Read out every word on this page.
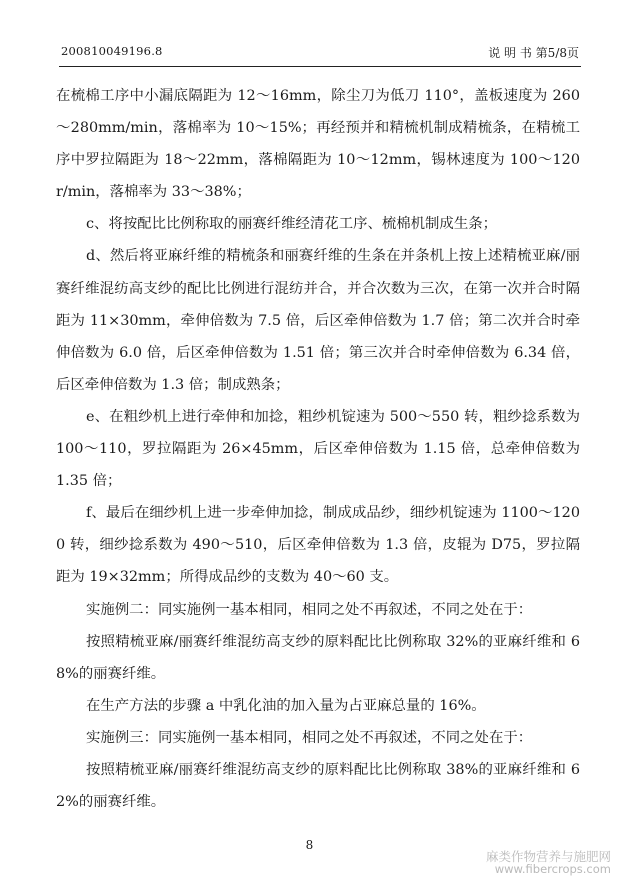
200810049196.8	说 明 书 第5/8页

在梳棉工序中小漏底隔距为 12～16mm，除尘刀为低刀 110°，盖板速度为 260～280mm/min，落棉率为 10～15%；再经预并和精梳机制成精梳条，在精梳工序中罗拉隔距为 18～22mm，落棉隔距为 10～12mm，锡林速度为 100～120r/min，落棉率为 33～38%；

c、将按配比比例称取的丽赛纤维经清花工序、梳棉机制成生条；

d、然后将亚麻纤维的精梳条和丽赛纤维的生条在并条机上按上述精梳亚麻/丽赛纤维混纺高支纱的配比比例进行混纺并合，并合次数为三次，在第一次并合时隔距为 11×30mm，牵伸倍数为 7.5 倍，后区牵伸倍数为 1.7 倍；第二次并合时牵伸倍数为 6.0 倍，后区牵伸倍数为 1.51 倍；第三次并合时牵伸倍数为 6.34 倍，后区牵伸倍数为 1.3 倍；制成熟条；

e、在粗纱机上进行牵伸和加捻，粗纱机锭速为 500～550 转，粗纱捻系数为 100～110，罗拉隔距为 26×45mm，后区牵伸倍数为 1.15 倍，总牵伸倍数为 1.35 倍；

f、最后在细纱机上进一步牵伸加捻，制成成品纱，细纱机锭速为 1100～1200 转，细纱捻系数为 490～510，后区牵伸倍数为 1.3 倍，皮辊为 D75，罗拉隔距为 19×32mm；所得成品纱的支数为 40～60 支。

实施例二：同实施例一基本相同，相同之处不再叙述，不同之处在于：

按照精梳亚麻/丽赛纤维混纺高支纱的原料配比比例称取 32%的亚麻纤维和 68%的丽赛纤维。

在生产方法的步骤 a 中乳化油的加入量为占亚麻总量的 16%。

实施例三：同实施例一基本相同，相同之处不再叙述，不同之处在于：

按照精梳亚麻/丽赛纤维混纺高支纱的原料配比比例称取 38%的亚麻纤维和 62%的丽赛纤维。

8
麻类作物营养与施肥网
www.fibercrops.com
